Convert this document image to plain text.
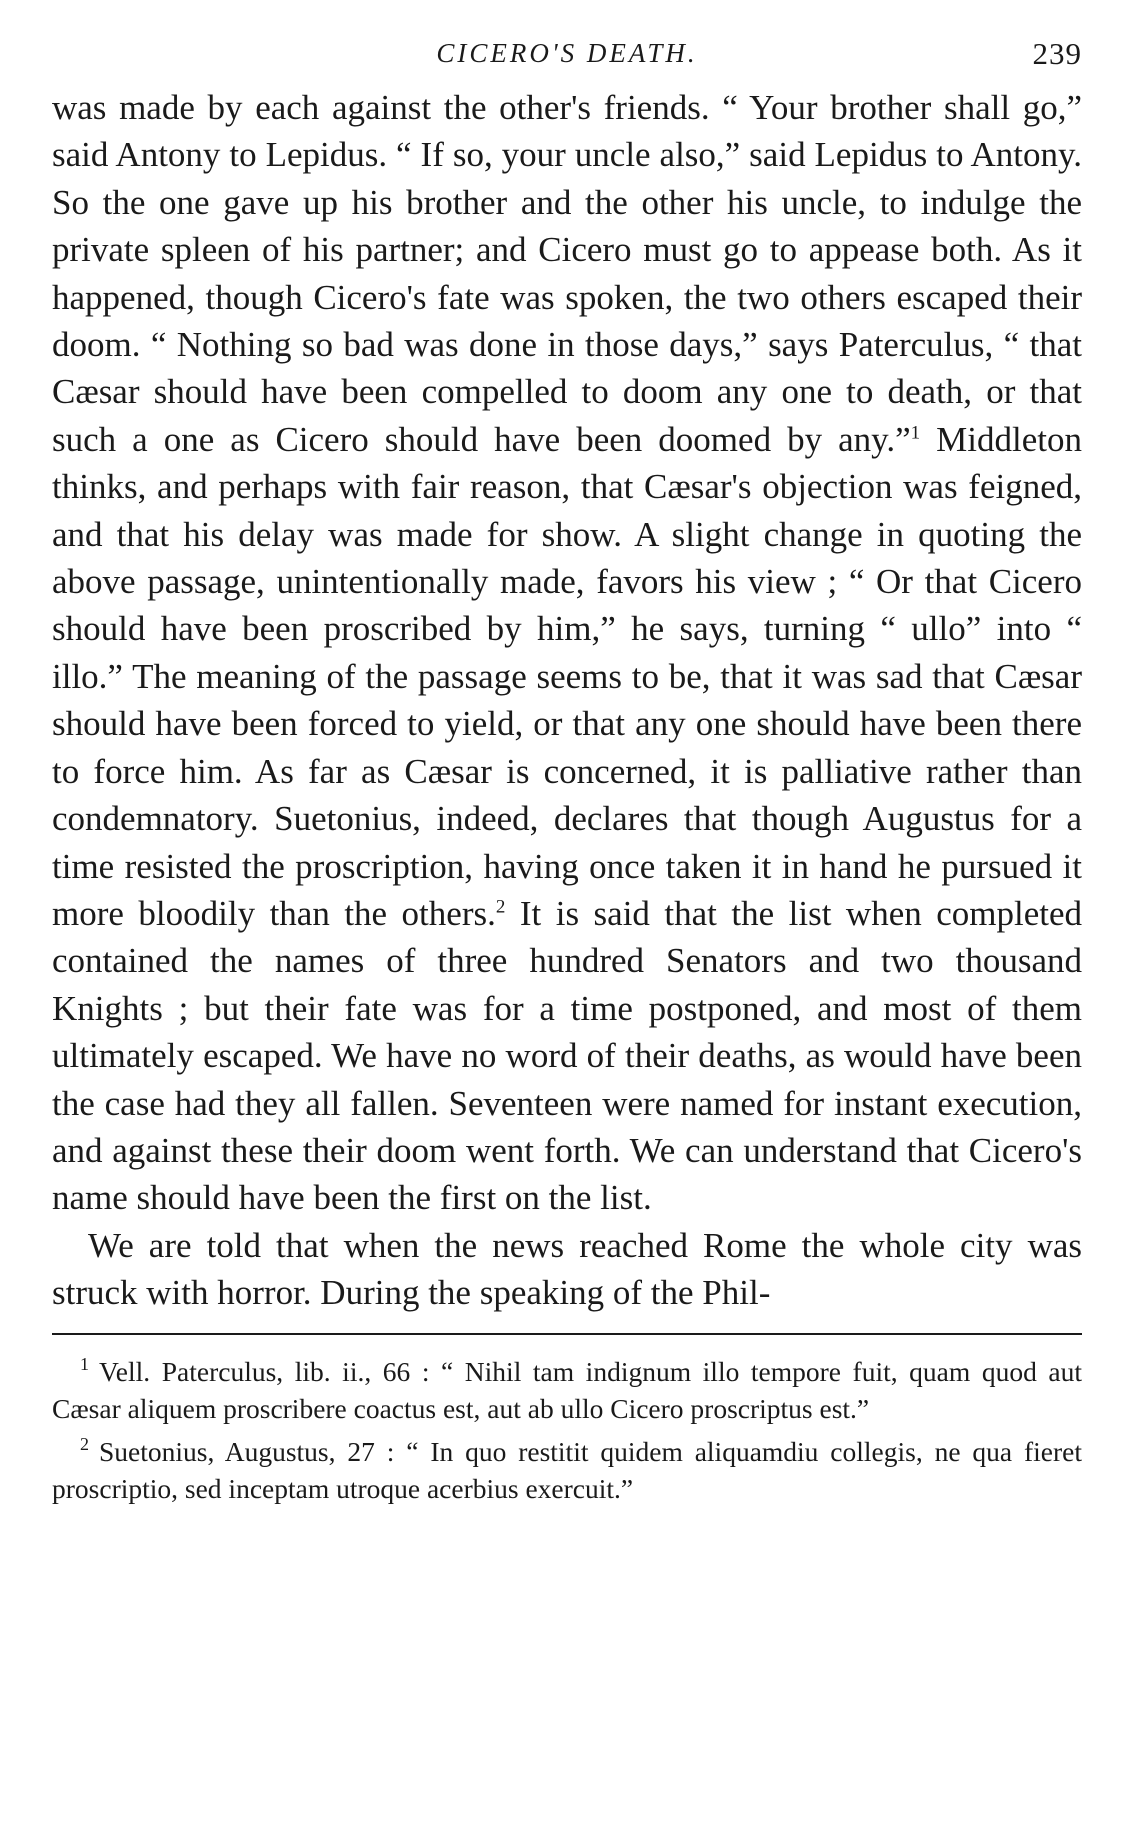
CICERO'S DEATH.	239

was made by each against the other's friends. “ Your brother shall go,” said Antony to Lepidus. “ If so, your uncle also,” said Lepidus to Antony. So the one gave up his brother and the other his uncle, to indulge the private spleen of his partner; and Cicero must go to appease both. As it happened, though Cicero's fate was spoken, the two others escaped their doom. “ Nothing so bad was done in those days,” says Paterculus, “ that Cæsar should have been compelled to doom any one to death, or that such a one as Cicero should have been doomed by any.”$^1$ Middleton thinks, and perhaps with fair reason, that Cæsar's objection was feigned, and that his delay was made for show. A slight change in quoting the above passage, unintentionally made, favors his view ; “ Or that Cicero should have been proscribed by him,” he says, turning “ ullo” into “ illo.” The meaning of the passage seems to be, that it was sad that Cæsar should have been forced to yield, or that any one should have been there to force him. As far as Cæsar is concerned, it is palliative rather than condemnatory. Suetonius, indeed, declares that though Augustus for a time resisted the proscription, having once taken it in hand he pursued it more bloodily than the others.$^2$ It is said that the list when completed contained the names of three hundred Senators and two thousand Knights ; but their fate was for a time postponed, and most of them ultimately escaped. We have no word of their deaths, as would have been the case had they all fallen. Seventeen were named for instant execution, and against these their doom went forth. We can understand that Cicero's name should have been the first on the list.

We are told that when the news reached Rome the whole city was struck with horror. During the speaking of the Phil-

$^1$ Vell. Paterculus, lib. ii., 66 : “ Nihil tam indignum illo tempore fuit, quam quod aut Cæsar aliquem proscribere coactus est, aut ab ullo Cicero proscriptus est.”

$^2$ Suetonius, Augustus, 27 : “ In quo restitit quidem aliquamdiu collegis, ne qua fieret proscriptio, sed inceptam utroque acerbius exercuit.”
